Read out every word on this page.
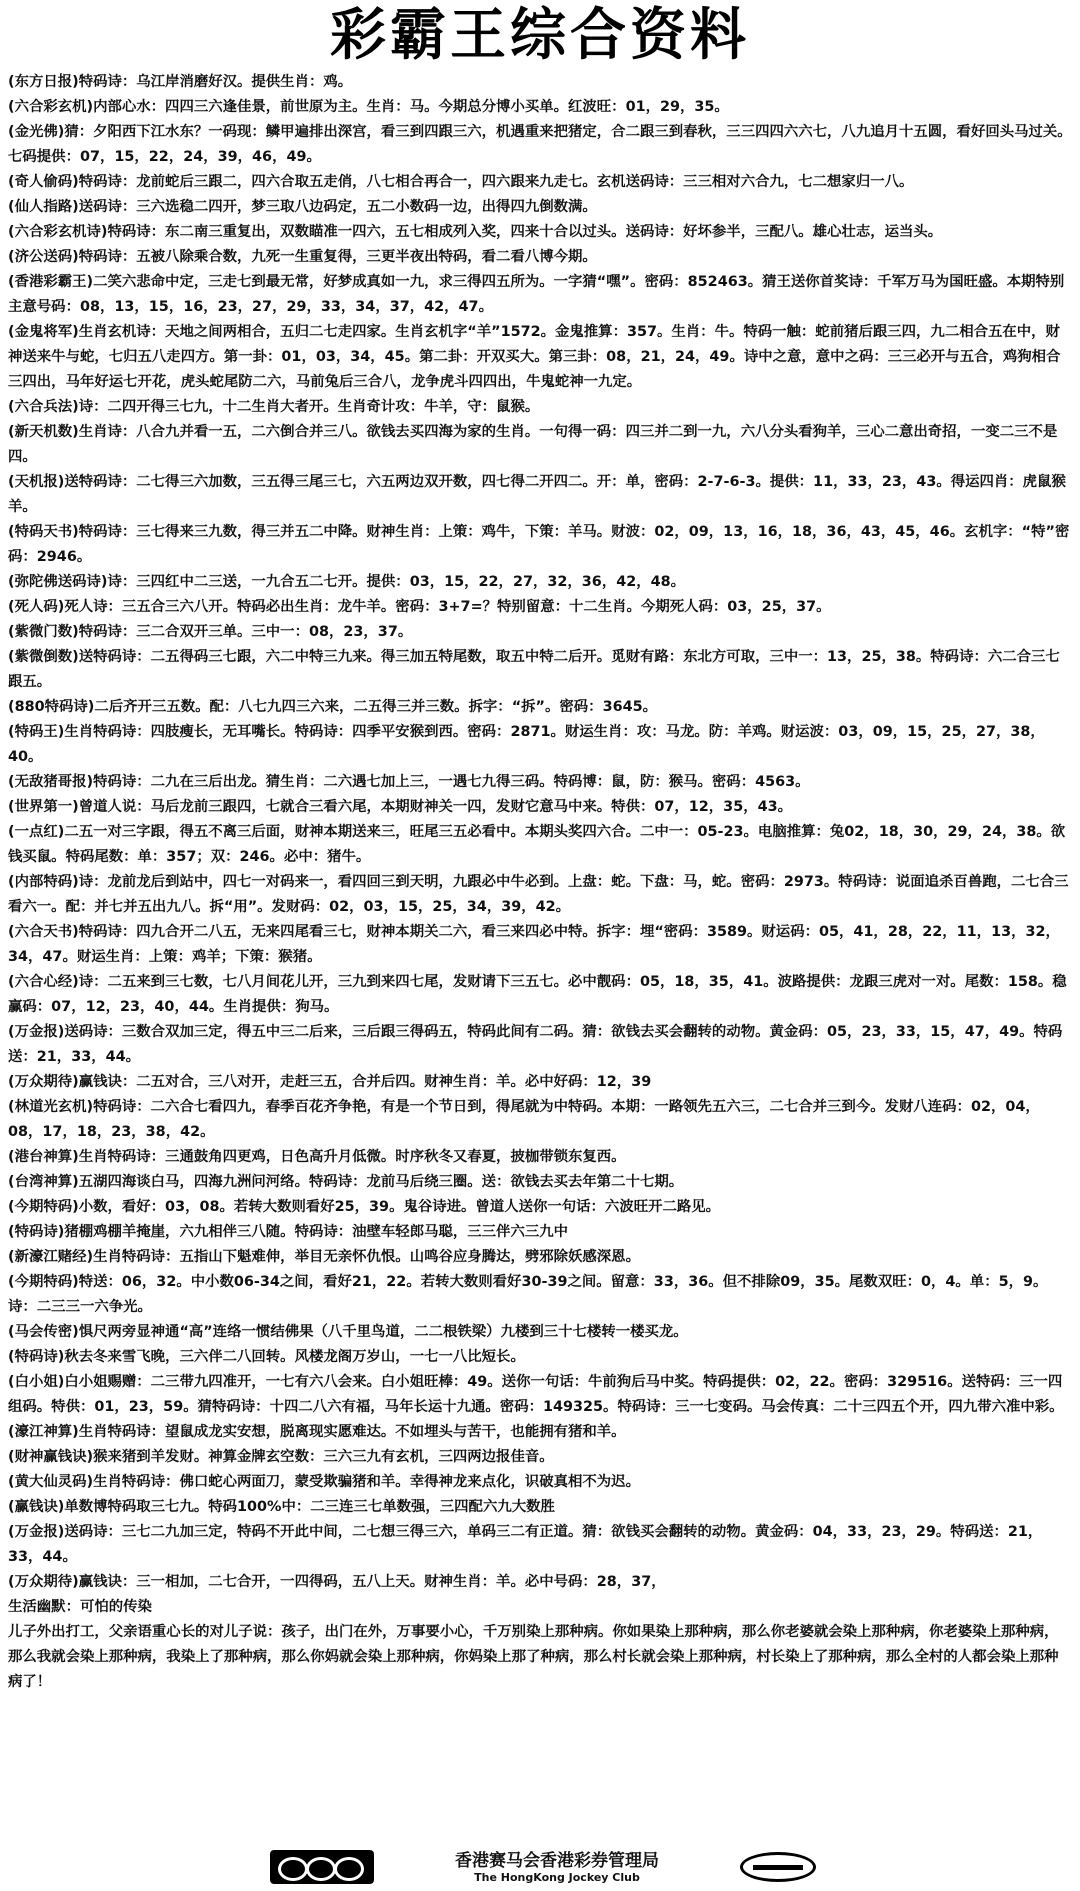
彩霸王综合资料

(东方日报)特码诗：乌江岸消磨好汉。提供生肖：鸡。

(六合彩玄机)内部心水：四四三六逢佳景，前世原为主。生肖：马。今期总分博小买单。红波旺：01，29，35。

(金光佛)猜：夕阳西下江水东？一码现：鳞甲遍排出深宫，看三到四跟三六，机遇重来把猪定，合二跟三到春秋，三三四四六六七，八九追月十五圆，看好回头马过关。七码提供：07，15，22，24，39，46，49。

(奇人偷码)特码诗：龙前蛇后三跟二，四六合取五走俏，八七相合再合一，四六跟来九走七。玄机送码诗：三三相对六合九，七二想家归一八。

(仙人指路)送码诗：三六选稳二四开，梦三取八边码定，五二小数码一边，出得四九倒数满。

(六合彩玄机诗)特码诗：东二南三重复出，双数瞄准一四六，五七相成列入奖，四来十合以过头。送码诗：好坏参半，三配八。雄心壮志，运当头。

(济公送码)特码诗：五被八除乘合数，九死一生重复得，三更半夜出特码，看二看八博今期。

(香港彩霸王)二笑六悲命中定，三走七到最无常，好梦成真如一九，求三得四五所为。一字猜“嘿”。密码：852463。猜王送你首奖诗：千军万马为国旺盛。本期特别主意号码：08，13，15，16，23，27，29，33，34，37，42，47。

(金鬼将军)生肖玄机诗：天地之间两相合，五归二七走四家。生肖玄机字“羊”1572。金鬼推算：357。生肖：牛。特码一触：蛇前猪后跟三四，九二相合五在中，财神送来牛与蛇，七归五八走四方。第一卦：01，03，34，45。第二卦：开双买大。第三卦：08，21，24，49。诗中之意，意中之码：三三必开与五合，鸡狗相合三四出，马年好运七开花，虎头蛇尾防二六，马前兔后三合八，龙争虎斗四四出，牛鬼蛇神一九定。

(六合兵法)诗：二四开得三七九，十二生肖大者开。生肖奇计攻：牛羊，守：鼠猴。

(新天机数)生肖诗：八合九并看一五，二六倒合并三八。欲钱去买四海为家的生肖。一句得一码：四三并二到一九，六八分头看狗羊，三心二意出奇招，一变二三不是四。

(天机报)送特码诗：二七得三六加数，三五得三尾三七，六五两边双开数，四七得二开四二。开：单，密码：2-7-6-3。提供：11，33，23，43。得运四肖：虎鼠猴羊。

(特码天书)特码诗：三七得来三九数，得三并五二中降。财神生肖：上策：鸡牛，下策：羊马。财波：02，09，13，16，18，36，43，45，46。玄机字：“特”密码：2946。

(弥陀佛送码诗)诗：三四红中二三送，一九合五二七开。提供：03，15，22，27，32，36，42，48。

(死人码)死人诗：三五合三六八开。特码必出生肖：龙牛羊。密码：3+7=？特别留意：十二生肖。今期死人码：03，25，37。

(紫微门数)特码诗：三二合双开三单。三中一：08，23，37。

(紫微倒数)送特码诗：二五得码三七跟，六二中特三九来。得三加五特尾数，取五中特二后开。觅财有路：东北方可取，三中一：13，25，38。特码诗：六二合三七跟五。

(880特码诗)二后齐开三五数。配：八七九四三六来，二五得三并三数。拆字：“拆”。密码：3645。

(特码王)生肖特码诗：四肢瘦长，无耳嘴长。特码诗：四季平安猴到西。密码：2871。财运生肖：攻：马龙。防：羊鸡。财运波：03，09，15，25，27，38，40。

(无敌猪哥报)特码诗：二九在三后出龙。猜生肖：二六遇七加上三，一遇七九得三码。特码博：鼠，防：猴马。密码：4563。

(世界第一)曾道人说：马后龙前三跟四，七就合三看六尾，本期财神关一四，发财它意马中来。特供：07，12，35，43。

(一点红)二五一对三字跟，得五不离三后面，财神本期送来三，旺尾三五必看中。本期头奖四六合。二中一：05-23。电脑推算：兔02，18，30，29，24，38。欲钱买鼠。特码尾数：单：357；双：246。必中：猪牛。

(内部特码)诗：龙前龙后到站中，四七一对码来一，看四回三到天明，九跟必中牛必到。上盘：蛇。下盘：马，蛇。密码：2973。特码诗：说面追杀百兽跑，二七合三看六一。配：并七并五出九八。拆“用”。发财码：02，03，15，25，34，39，42。

(六合天书)特码诗：四九合开二八五，无来四尾看三七，财神本期关二六，看三来四必中特。拆字：埋“密码：3589。财运码：05，41，28，22，11，13，32，34，47。财运生肖：上策：鸡羊；下策：猴猪。

(六合心经)诗：二五来到三七数，七八月间花儿开，三九到来四七尾，发财请下三五七。必中靓码：05，18，35，41。波路提供：龙跟三虎对一对。尾数：158。稳赢码：07，12，23，40，44。生肖提供：狗马。

(万金报)送码诗：三数合双加三定，得五中三二后来，三后跟三得码五，特码此间有二码。猜：欲钱去买会翻转的动物。黄金码：05，23，33，15，47，49。特码送：21，33，44。

(万众期待)赢钱诀：二五对合，三八对开，走赶三五，合并后四。财神生肖：羊。必中好码：12，39

(林道光玄机)特码诗：二六合七看四九，春季百花齐争艳，有是一个节日到，得尾就为中特码。本期：一路领先五六三，二七合并三到今。发财八连码：02，04，08，17，18，23，38，42。

(港台神算)生肖特码诗：三通鼓角四更鸡，日色高升月低微。时序秋冬又春夏，披枷带锁东复西。

(台湾神算)五湖四海谈白马，四海九洲问河络。特码诗：龙前马后绕三圈。送：欲钱去买去年第二十七期。

(今期特码)小数，看好：03，08。若转大数则看好25，39。鬼谷诗进。曾道人送你一句话：六波旺开二路见。

(特码诗)猪棚鸡棚羊掩崖，六九相伴三八随。特码诗：油壁车轻郎马聪，三三伴六三九中

(新濠江赌经)生肖特码诗：五指山下魁难伸，举目无亲怀仇恨。山鸣谷应身腾达，劈邪除妖感深恩。

(今期特码)特送：06，32。中小数06-34之间，看好21，22。若转大数则看好30-39之间。留意：33，36。但不排除09，35。尾数双旺：0，4。单：5，9。诗：二三三一六争光。

(马会传密)惧尺两旁显神通“高”连络一惯结佛果（八千里鸟道，二二根铁梁）九楼到三十七楼转一楼买龙。

(特码诗)秋去冬来雪飞晚，三六伴二八回转。风楼龙阁万岁山，一七一八比短长。

(白小姐)白小姐赐赠：二三带九四准开，一七有六八会来。白小姐旺棒：49。送你一句话：牛前狗后马中奖。特码提供：02，22。密码：329516。送特码：三一四组码。特供：01，23，59。猜特码诗：十四二八六有福，马年长运十九通。密码：149325。特码诗：三一七变码。马会传真：二十三四五个开，四九带六准中彩。

(濠江神算)生肖特码诗：望鼠成龙实安想，脱离现实愿难达。不如埋头与苦干，也能拥有猪和羊。

(财神赢钱诀)猴来猪到羊发财。神算金牌玄空数：三六三九有玄机，三四两边报佳音。

(黄大仙灵码)生肖特码诗：佛口蛇心两面刀，蒙受欺骗猪和羊。幸得神龙来点化，识破真相不为迟。

(赢钱诀)单数博特码取三七九。特码100%中：二三连三七单数强，三四配六九大数胜

(万金报)送码诗：三七二九加三定，特码不开此中间，二七想三得三六，单码三二有正道。猜：欲钱买会翻转的动物。黄金码：04，33，23，29。特码送：21，33，44。

(万众期待)赢钱诀：三一相加，二七合开，一四得码，五八上天。财神生肖：羊。必中号码：28，37，

生活幽默：可怕的传染

儿子外出打工，父亲语重心长的对儿子说：孩子，出门在外，万事要小心，千万别染上那种病。你如果染上那种病，那么你老婆就会染上那种病，你老婆染上那种病，那么我就会染上那种病，我染上了那种病，那么你妈就会染上那种病，你妈染上那了种病，那么村长就会染上那种病，村长染上了那种病，那么全村的人都会染上那种病了！

香港赛马会香港彩券管理局
The HongKong Jockey Club
